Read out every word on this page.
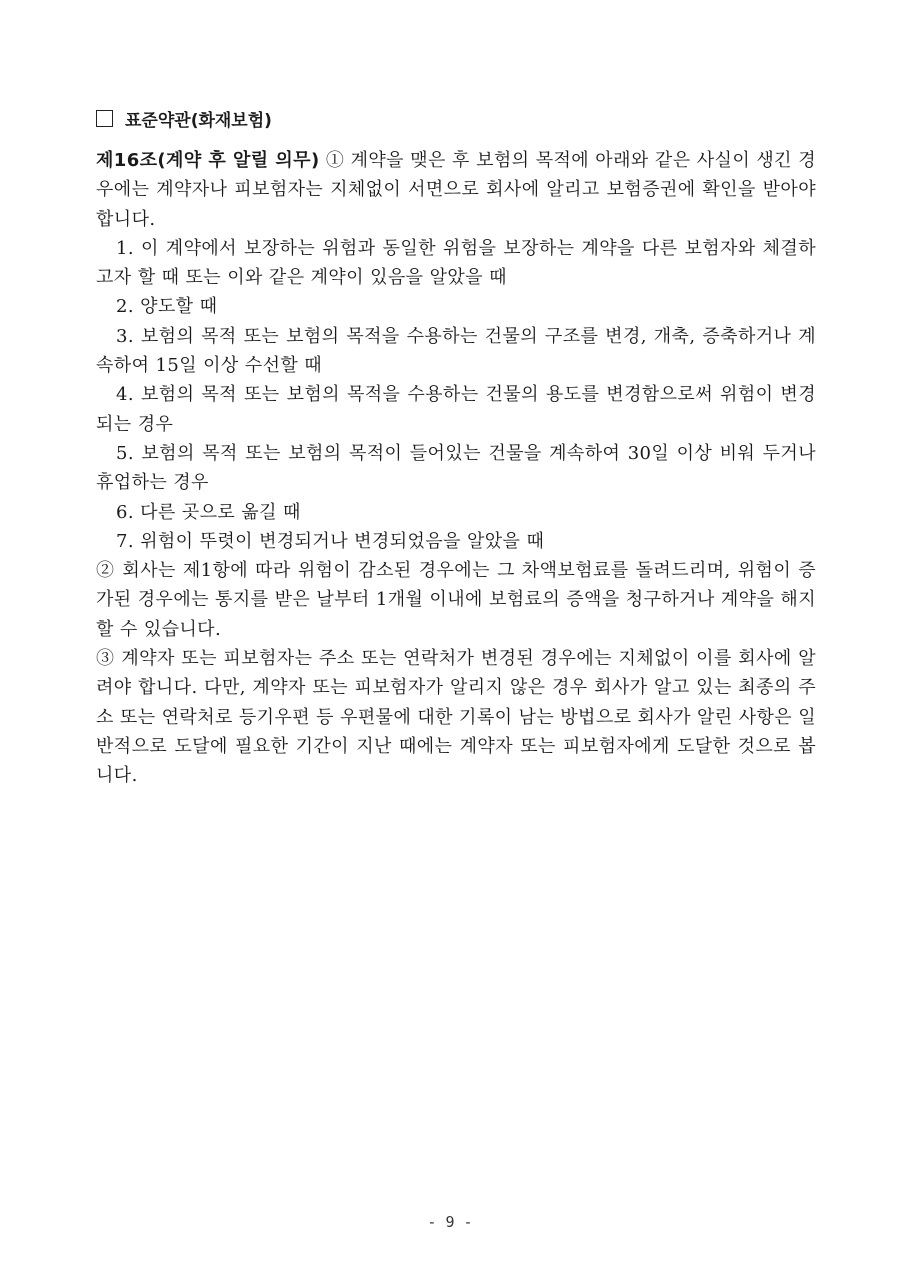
표준약관(화재보험)
제16조(계약 후 알릴 의무) ① 계약을 맺은 후 보험의 목적에 아래와 같은 사실이 생긴 경우에는 계약자나 피보험자는 지체없이 서면으로 회사에 알리고 보험증권에 확인을 받아야 합니다.
1. 이 계약에서 보장하는 위험과 동일한 위험을 보장하는 계약을 다른 보험자와 체결하고자 할 때 또는 이와 같은 계약이 있음을 알았을 때
2. 양도할 때
3. 보험의 목적 또는 보험의 목적을 수용하는 건물의 구조를 변경, 개축, 증축하거나 계속하여 15일 이상 수선할 때
4. 보험의 목적 또는 보험의 목적을 수용하는 건물의 용도를 변경함으로써 위험이 변경되는 경우
5. 보험의 목적 또는 보험의 목적이 들어있는 건물을 계속하여 30일 이상 비워 두거나 휴업하는 경우
6. 다른 곳으로 옮길 때
7. 위험이 뚜렷이 변경되거나 변경되었음을 알았을 때
② 회사는 제1항에 따라 위험이 감소된 경우에는 그 차액보험료를 돌려드리며, 위험이 증가된 경우에는 통지를 받은 날부터 1개월 이내에 보험료의 증액을 청구하거나 계약을 해지할 수 있습니다.
③ 계약자 또는 피보험자는 주소 또는 연락처가 변경된 경우에는 지체없이 이를 회사에 알려야 합니다. 다만, 계약자 또는 피보험자가 알리지 않은 경우 회사가 알고 있는 최종의 주소 또는 연락처로 등기우편 등 우편물에 대한 기록이 남는 방법으로 회사가 알린 사항은 일반적으로 도달에 필요한 기간이 지난 때에는 계약자 또는 피보험자에게 도달한 것으로 봅니다.
- 9 -
